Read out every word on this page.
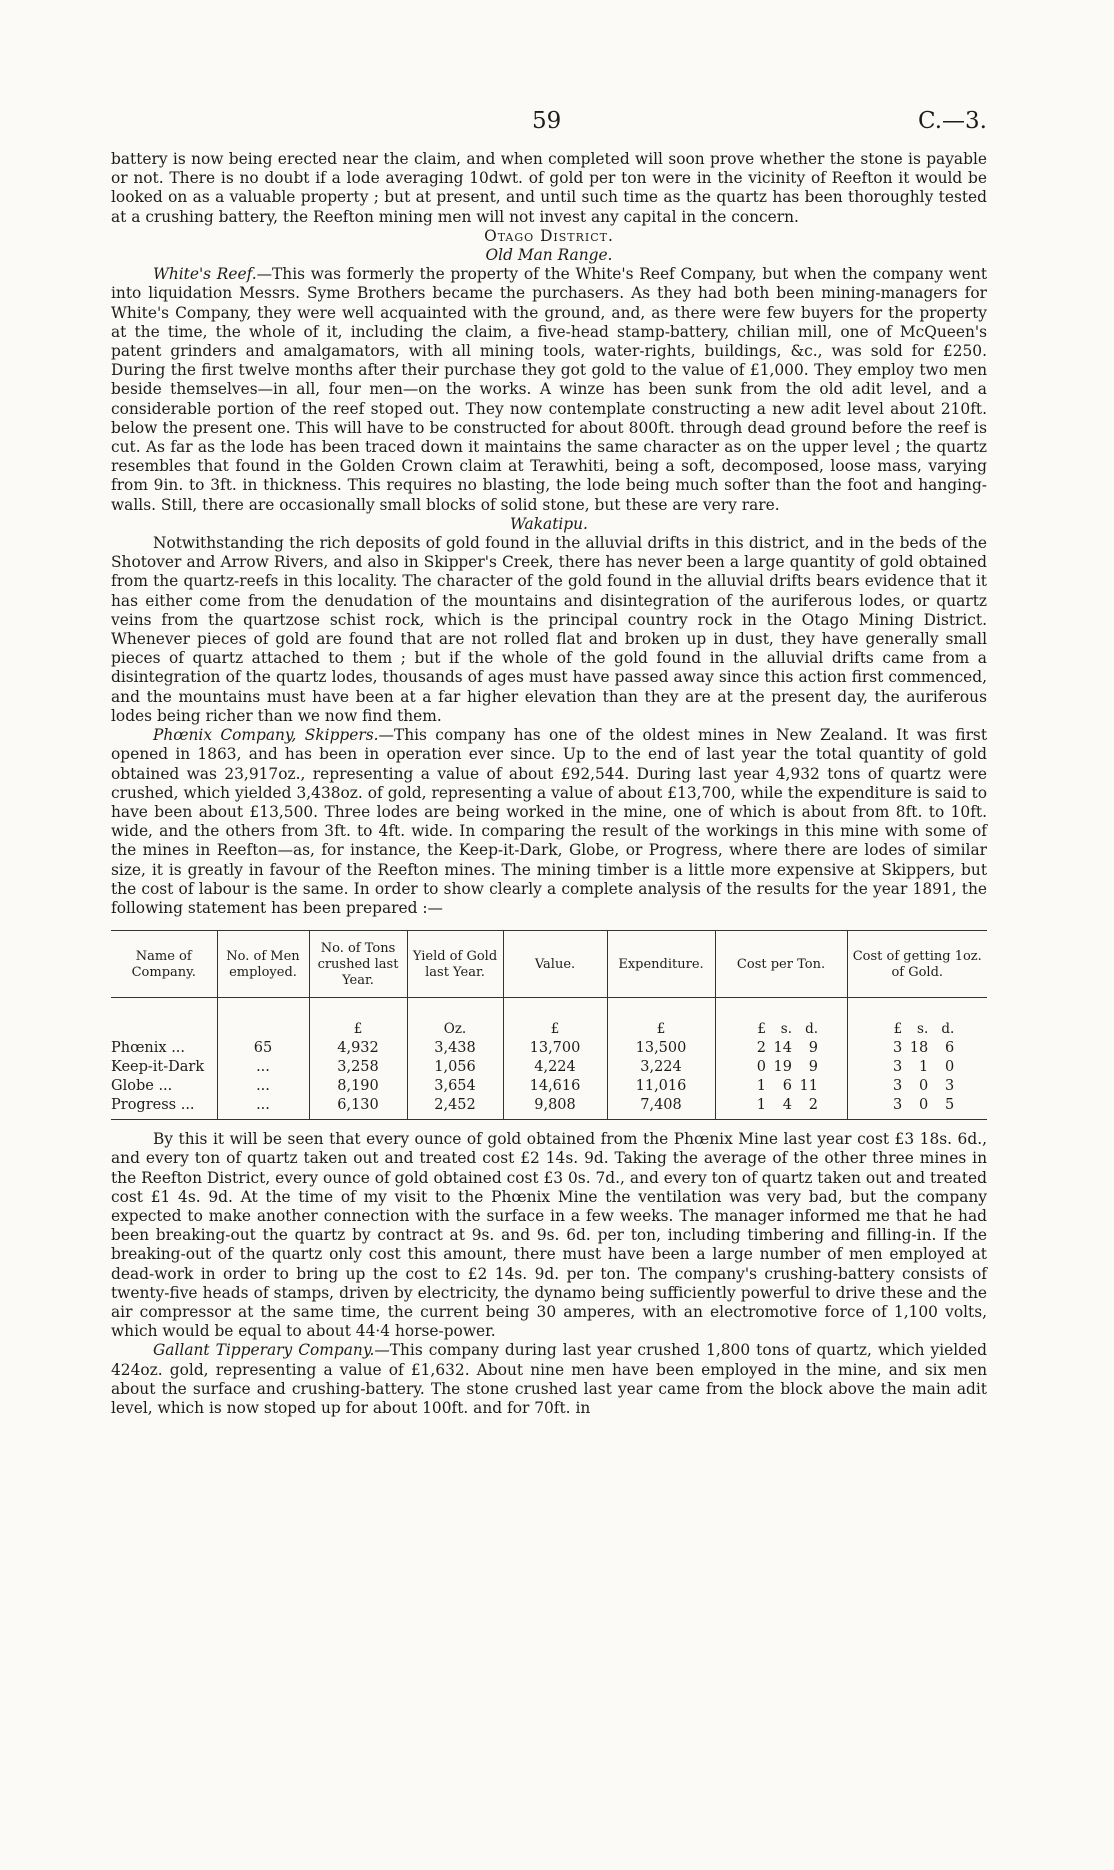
59	C.—3.

battery is now being erected near the claim, and when completed will soon prove whether the stone is payable or not. There is no doubt if a lode averaging 10dwt. of gold per ton were in the vicinity of Reefton it would be looked on as a valuable property ; but at present, and until such time as the quartz has been thoroughly tested at a crushing battery, the Reefton mining men will not invest any capital in the concern.

Otago District.

Old Man Range.

White's Reef.—This was formerly the property of the White's Reef Company, but when the company went into liquidation Messrs. Syme Brothers became the purchasers. As they had both been mining-managers for White's Company, they were well acquainted with the ground, and, as there were few buyers for the property at the time, the whole of it, including the claim, a five-head stamp-battery, chilian mill, one of McQueen's patent grinders and amalgamators, with all mining tools, water-rights, buildings, &c., was sold for £250. During the first twelve months after their purchase they got gold to the value of £1,000. They employ two men beside themselves—in all, four men—on the works. A winze has been sunk from the old adit level, and a considerable portion of the reef stoped out. They now contemplate constructing a new adit level about 210ft. below the present one. This will have to be constructed for about 800ft. through dead ground before the reef is cut. As far as the lode has been traced down it maintains the same character as on the upper level ; the quartz resembles that found in the Golden Crown claim at Terawhiti, being a soft, decomposed, loose mass, varying from 9in. to 3ft. in thickness. This requires no blasting, the lode being much softer than the foot and hanging-walls. Still, there are occasionally small blocks of solid stone, but these are very rare.

Wakatipu.

Notwithstanding the rich deposits of gold found in the alluvial drifts in this district, and in the beds of the Shotover and Arrow Rivers, and also in Skipper's Creek, there has never been a large quantity of gold obtained from the quartz-reefs in this locality. The character of the gold found in the alluvial drifts bears evidence that it has either come from the denudation of the mountains and disintegration of the auriferous lodes, or quartz veins from the quartzose schist rock, which is the principal country rock in the Otago Mining District. Whenever pieces of gold are found that are not rolled flat and broken up in dust, they have generally small pieces of quartz attached to them ; but if the whole of the gold found in the alluvial drifts came from a disintegration of the quartz lodes, thousands of ages must have passed away since this action first commenced, and the mountains must have been at a far higher elevation than they are at the present day, the auriferous lodes being richer than we now find them.

Phœnix Company, Skippers.—This company has one of the oldest mines in New Zealand. It was first opened in 1863, and has been in operation ever since. Up to the end of last year the total quantity of gold obtained was 23,917oz., representing a value of about £92,544. During last year 4,932 tons of quartz were crushed, which yielded 3,438oz. of gold, representing a value of about £13,700, while the expenditure is said to have been about £13,500. Three lodes are being worked in the mine, one of which is about from 8ft. to 10ft. wide, and the others from 3ft. to 4ft. wide. In comparing the result of the workings in this mine with some of the mines in Reefton—as, for instance, the Keep-it-Dark, Globe, or Progress, where there are lodes of similar size, it is greatly in favour of the Reefton mines. The mining timber is a little more expensive at Skippers, but the cost of labour is the same. In order to show clearly a complete analysis of the results for the year 1891, the following statement has been prepared :—

Name of Company.	No. of Men employed.	No. of Tons crushed last Year.	Yield of Gold last Year.	Value.	Expenditure.	Cost per Ton.	Cost of getting 1oz. of Gold.
		£	Oz.	£	£	£ s. d.	£ s. d.
Phœnix ...	65	4,932	3,438	13,700	13,500	2 14 9	3 18 6
Keep-it-Dark	...	3,258	1,056	4,224	3,224	0 19 9	3 1 0
Globe ...	...	8,190	3,654	14,616	11,016	1 6 11	3 0 3
Progress ...	...	6,130	2,452	9,808	7,408	1 4 2	3 0 5

By this it will be seen that every ounce of gold obtained from the Phœnix Mine last year cost £3 18s. 6d., and every ton of quartz taken out and treated cost £2 14s. 9d. Taking the average of the other three mines in the Reefton District, every ounce of gold obtained cost £3 0s. 7d., and every ton of quartz taken out and treated cost £1 4s. 9d. At the time of my visit to the Phœnix Mine the ventilation was very bad, but the company expected to make another connection with the surface in a few weeks. The manager informed me that he had been breaking-out the quartz by contract at 9s. and 9s. 6d. per ton, including timbering and filling-in. If the breaking-out of the quartz only cost this amount, there must have been a large number of men employed at dead-work in order to bring up the cost to £2 14s. 9d. per ton. The company's crushing-battery consists of twenty-five heads of stamps, driven by electricity, the dynamo being sufficiently powerful to drive these and the air compressor at the same time, the current being 30 amperes, with an electromotive force of 1,100 volts, which would be equal to about 44·4 horse-power.

Gallant Tipperary Company.—This company during last year crushed 1,800 tons of quartz, which yielded 424oz. gold, representing a value of £1,632. About nine men have been employed in the mine, and six men about the surface and crushing-battery. The stone crushed last year came from the block above the main adit level, which is now stoped up for about 100ft. and for 70ft. in
